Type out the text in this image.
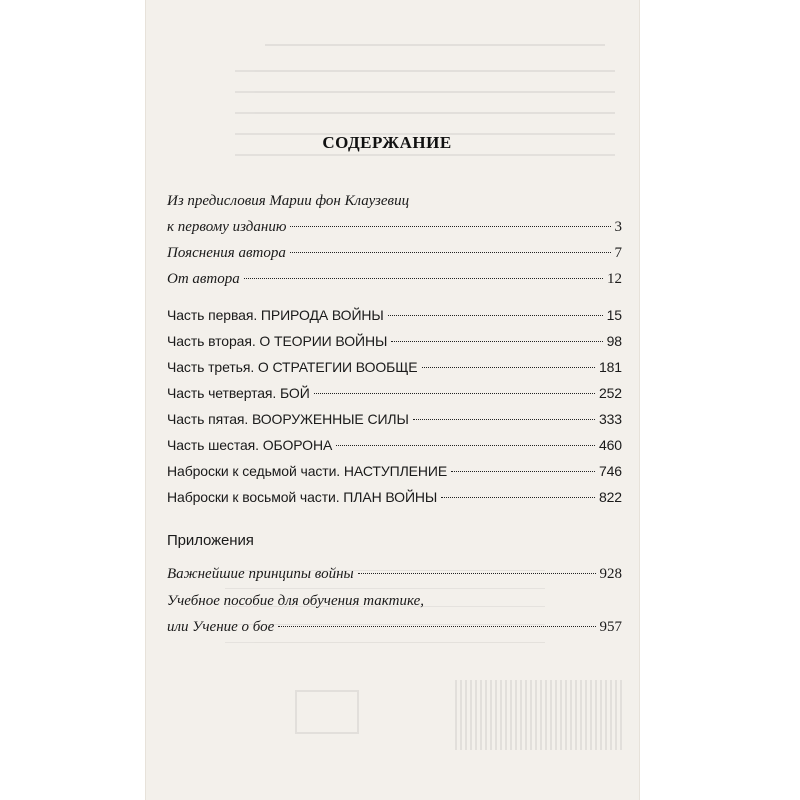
СОДЕРЖАНИЕ
Из предисловия Марии фон Клаузевиц
к первому изданию	3
Пояснения автора	7
От автора	12
Часть первая. ПРИРОДА ВОЙНЫ	15
Часть вторая. О ТЕОРИИ ВОЙНЫ	98
Часть третья. О СТРАТЕГИИ ВООБЩЕ	181
Часть четвертая. БОЙ	252
Часть пятая. ВООРУЖЕННЫЕ СИЛЫ	333
Часть шестая. ОБОРОНА	460
Наброски к седьмой части. НАСТУПЛЕНИЕ	746
Наброски к восьмой части. ПЛАН ВОЙНЫ	822
Приложения
Важнейшие принципы войны	928
Учебное пособие для обучения тактике,
или Учение о бое	957
